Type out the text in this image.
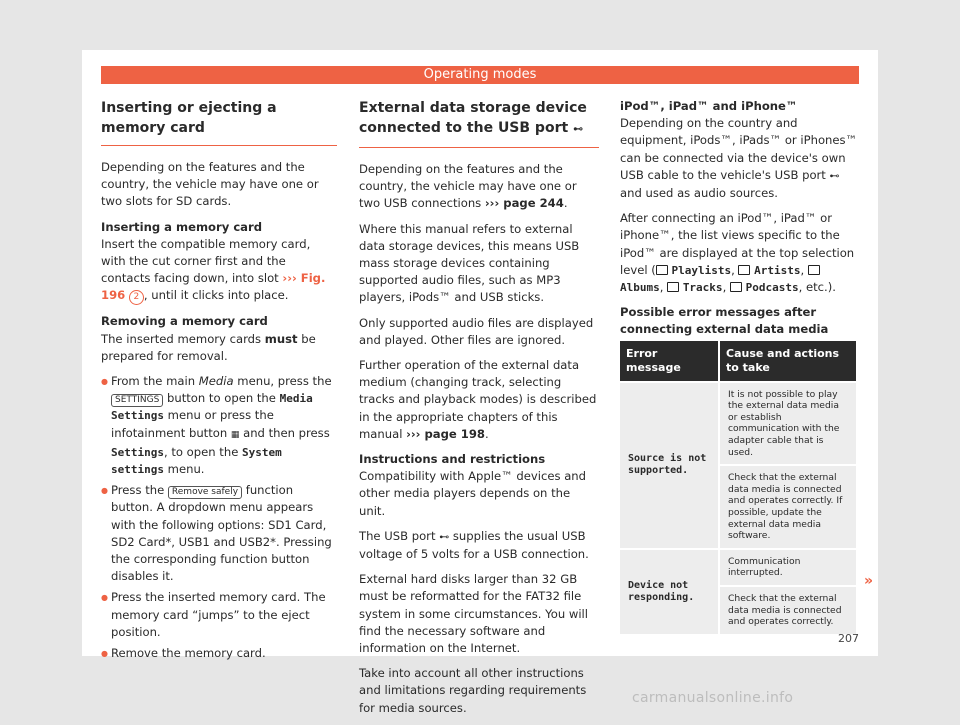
Operating modes
Inserting or ejecting a memory card

Depending on the features and the country, the vehicle may have one or two slots for SD cards.

Inserting a memory card

Insert the compatible memory card, with the cut corner first and the contacts facing down, into slot ››› Fig. 196 2 , until it clicks into place.

Removing a memory card

The inserted memory cards must be prepared for removal.

● From the main Media menu, press the SETTINGS button to open the Media Settings menu or press the infotainment button ▦ and then press Settings, to open the System settings menu.
● Press the Remove safely function button. A dropdown menu appears with the following options: SD1 Card, SD2 Card*, USB1 and USB2*. Pressing the corresponding function button disables it.
● Press the inserted memory card. The memory card “jumps” to the eject position.
● Remove the memory card.
External data storage device connected to the USB port ⊷

Depending on the features and the country, the vehicle may have one or two USB connections ››› page 244.

Where this manual refers to external data storage devices, this means USB mass storage devices containing supported audio files, such as MP3 players, iPods™ and USB sticks.

Only supported audio files are displayed and played. Other files are ignored.

Further operation of the external data medium (changing track, selecting tracks and playback modes) is described in the appropriate chapters of this manual ››› page 198.

Instructions and restrictions

Compatibility with Apple™ devices and other media players depends on the unit.

The USB port ⊷ supplies the usual USB voltage of 5 volts for a USB connection.

External hard disks larger than 32 GB must be reformatted for the FAT32 file system in some circumstances. You will find the necessary software and information on the Internet.

Take into account all other instructions and limitations regarding requirements for media sources.

iPod™, iPad™ and iPhone™

Depending on the country and equipment, iPods™, iPads™ or iPhones™ can be connected via the device's own USB cable to the vehicle's USB port ⊷ and used as audio sources.

After connecting an iPod™, iPad™ or iPhone™, the list views specific to the iPod™ are displayed at the top selection level ( Playlists,  Artists,  Albums,  Tracks,  Podcasts, etc.).

Possible error messages after connecting external data media

Error message	Cause and actions to take
Source is not supported.	It is not possible to play the external data media or establish communication with the adapter cable that is used.
	Check that the external data media is connected and operates correctly. If possible, update the external data media software.
Device not responding.	Communication interrupted.
	Check that the external data media is connected and operates correctly.
»
207
carmanualsonline.info
